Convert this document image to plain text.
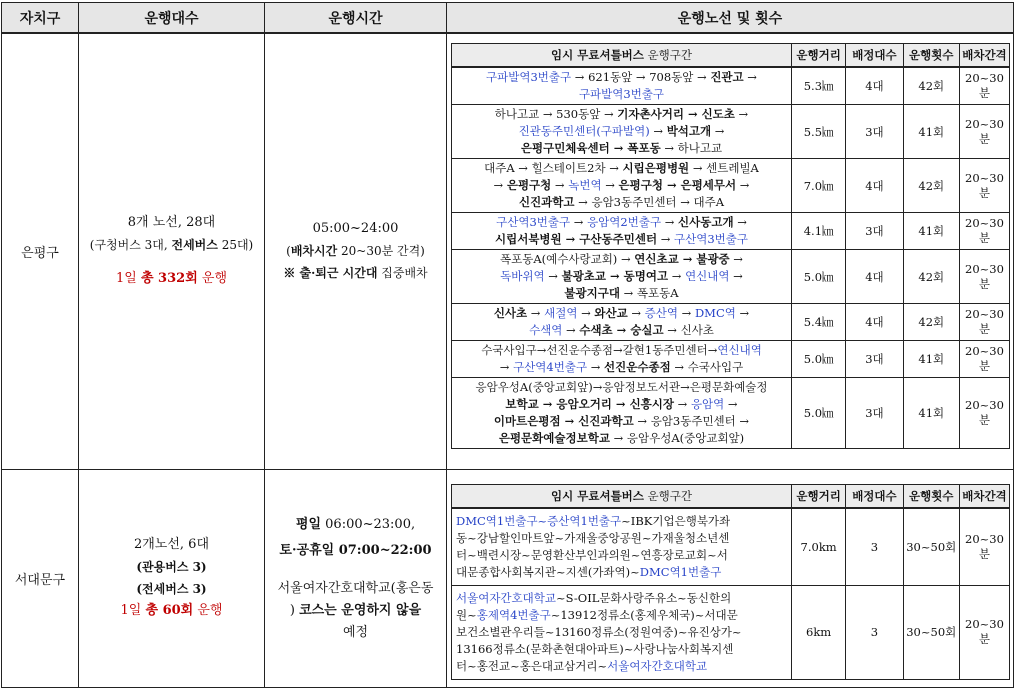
자치구	운행대수	운행시간	운행노선 및 횟수
은평구	
8개 노선, 28대
(구청버스 3대, 전세버스 25대)
1일 총 332회 운행

05:00~24:00
(배차시간 20~30분 간격)
※ 출·퇴근 시간대 집중배차

임시 무료셔틀버스 운행구간	운행거리	배정대수	운행횟수	배차간격

구파발역3번출구 → 621동앞 → 708동앞 → 진관고 →
구파발역3번출구
	5.3㎞	4대	42회	20~30분

하나고교 → 530동앞 → 기자촌사거리 → 신도초 →
진관동주민센터(구파발역) → 박석고개 →
은평구민체육센터 → 폭포동 → 하나고교
	5.5㎞	3대	41회	20~30분

대주A → 힐스테이트2차 → 시립은평병원 → 센트레빌A
→ 은평구청 → 녹번역 → 은평구청 → 은평세무서 →
신진과학고 → 응암3동주민센터 → 대주A
	7.0㎞	4대	42회	20~30분

구산역3번출구 → 응암역2번출구 → 신사동고개 →
시립서북병원 → 구산동주민센터 → 구산역3번출구
	4.1㎞	3대	41회	20~30분

폭포동A(예수사랑교회) → 연신초교 → 불광중 →
독바위역 → 불광초교 → 동명여고 → 연신내역 →
불광지구대 → 폭포동A
	5.0㎞	4대	42회	20~30분

신사초 → 새절역 → 와산교 → 증산역 → DMC역 →
수색역 → 수색초 → 숭실고 → 신사초
	5.4㎞	4대	42회	20~30분

수국사입구→선진운수종점→갈현1동주민센터→연신내역
→ 구산역4번출구 → 선진운수종점 → 수국사입구
	5.0㎞	3대	41회	20~30분

응암우성A(중앙교회앞)→응암정보도서관→은평문화예술정
보학교 → 응암오거리 → 신흥시장 → 응암역 →
이마트은평점 → 신진과학고 → 응암3동주민센터 →
은평문화예술정보학교 → 응암우성A(중앙교회앞)
	5.0㎞	3대	41회	20~30분

서대문구	
2개노선, 6대
(관용버스 3)
(전세버스 3)
1일 총 60회 운행

평일 06:00~23:00,
토·공휴일 07:00~22:00
서울여자간호대학교(홍은동
) 코스는 운영하지 않을
예정

임시 무료셔틀버스 운행구간	운행거리	배정대수	운행횟수	배차간격

DMC역1번출구~증산역1번출구~IBK기업은행북가좌
동~강남할인마트앞~가재울중앙공원~가재울청소년센
터~백련시장~문영환산부인과의원~연흥장로교회~서
대문종합사회복지관~지센(가좌역)~DMC역1번출구
	7.0km	3	30~50회	20~30분

서울여자간호대학교~S-OIL문화사랑주유소~동신한의
원~홍제역4번출구~13912정류소(홍제우체국)~서대문
보건소별관우리들~13160정류소(정원여중)~유진상가~
13166정류소(문화촌현대아파트)~사랑나눔사회복지센
터~홍전교~홍은대교삼거리~서울여자간호대학교
	6km	3	30~50회	20~30분
